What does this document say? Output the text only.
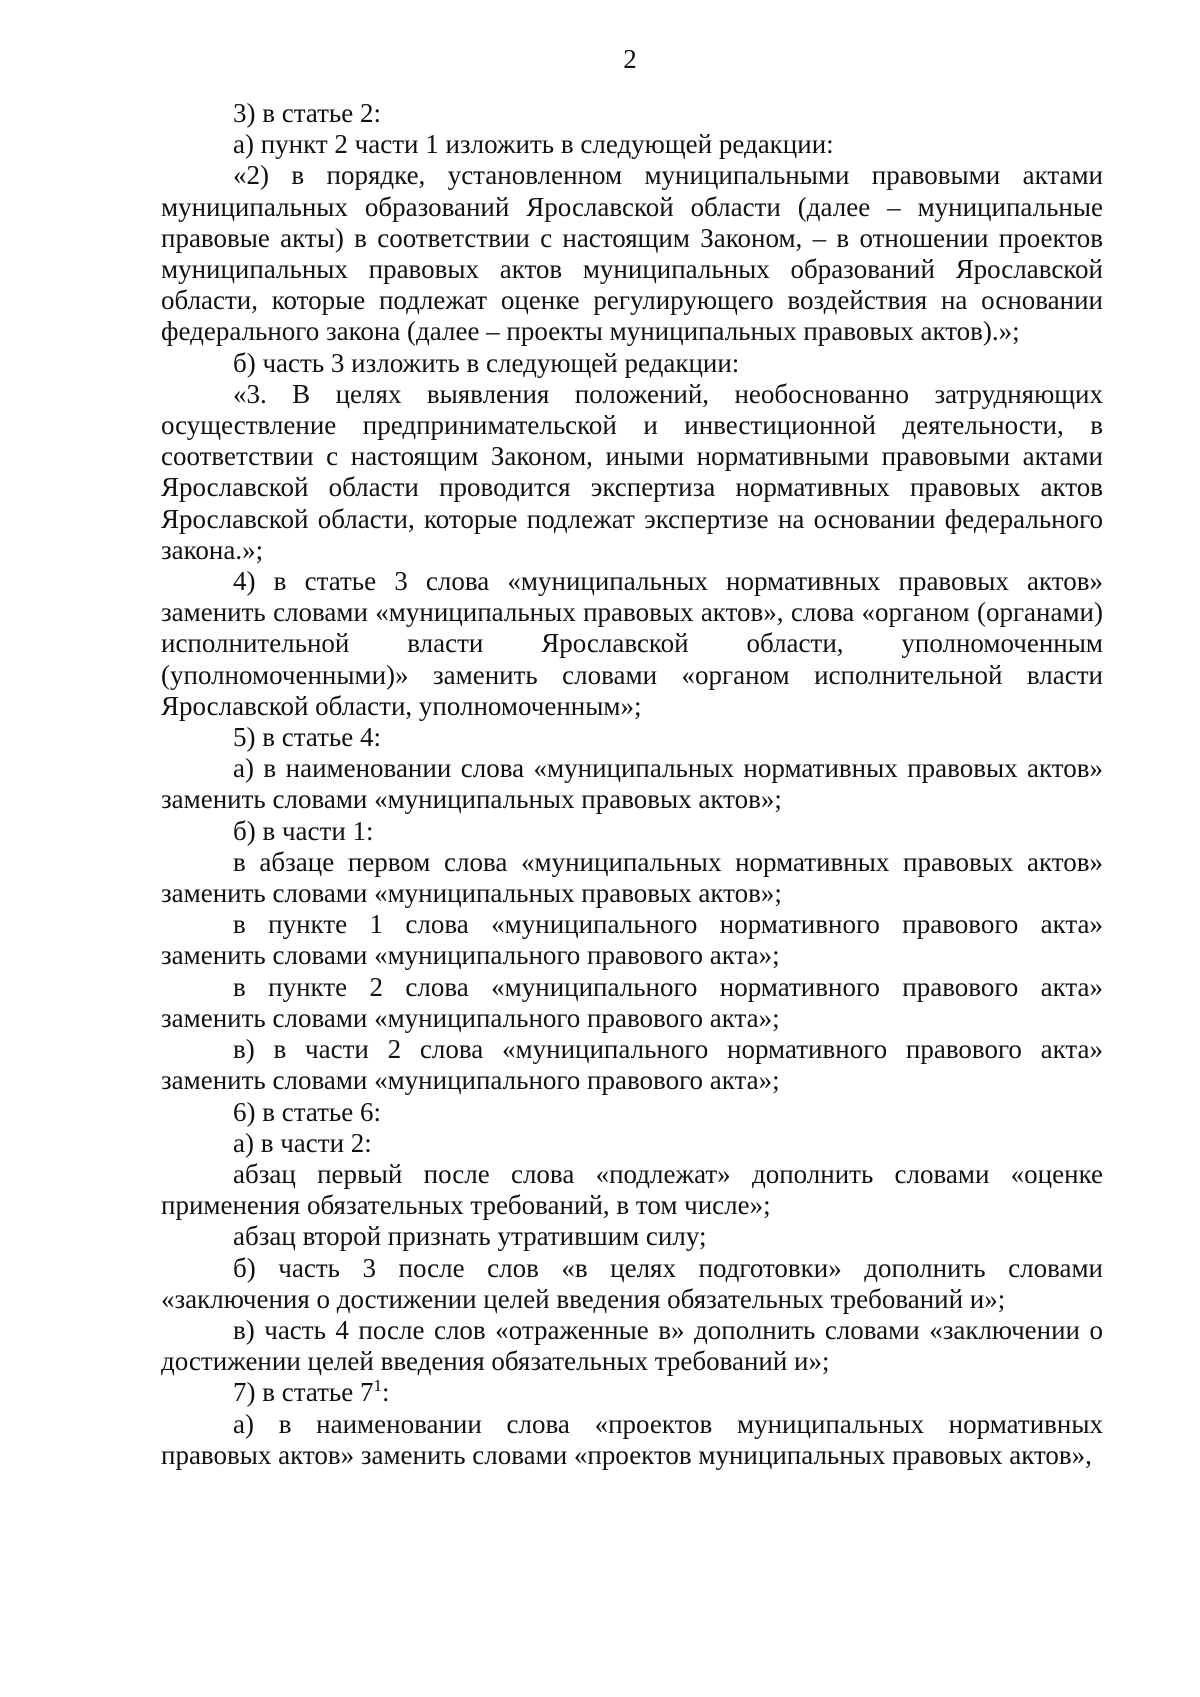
2

3) в статье 2:

а) пункт 2 части 1 изложить в следующей редакции:

«2) в порядке, установленном муниципальными правовыми актами муниципальных образований Ярославской области (далее – муниципальные правовые акты) в соответствии с настоящим Законом, – в отношении проектов муниципальных правовых актов муниципальных образований Ярославской области, которые подлежат оценке регулирующего воздействия на основании федерального закона (далее – проекты муниципальных правовых актов).»;

б) часть 3 изложить в следующей редакции:

«3. В целях выявления положений, необоснованно затрудняющих осуществление предпринимательской и инвестиционной деятельности, в соответствии с настоящим Законом, иными нормативными правовыми актами Ярославской области проводится экспертиза нормативных правовых актов Ярославской области, которые подлежат экспертизе на основании федерального закона.»;

4) в статье 3 слова «муниципальных нормативных правовых актов» заменить словами «муниципальных правовых актов», слова «органом (органами) исполнительной власти Ярославской области, уполномоченным (уполномоченными)» заменить словами «органом исполнительной власти Ярославской области, уполномоченным»;

5) в статье 4:

а) в наименовании слова «муниципальных нормативных правовых актов» заменить словами «муниципальных правовых актов»;

б) в части 1:

в абзаце первом слова «муниципальных нормативных правовых актов» заменить словами «муниципальных правовых актов»;

в пункте 1 слова «муниципального нормативного правового акта» заменить словами «муниципального правового акта»;

в пункте 2 слова «муниципального нормативного правового акта» заменить словами «муниципального правового акта»;

в) в части 2 слова «муниципального нормативного правового акта» заменить словами «муниципального правового акта»;

6) в статье 6:

а) в части 2:

абзац первый после слова «подлежат» дополнить словами «оценке применения обязательных требований, в том числе»;

абзац второй признать утратившим силу;

б) часть 3 после слов «в целях подготовки» дополнить словами «заключения о достижении целей введения обязательных требований и»;

в) часть 4 после слов «отраженные в» дополнить словами «заключении о достижении целей введения обязательных требований и»;

7) в статье $7^1$:

а) в наименовании слова «проектов муниципальных нормативных правовых актов» заменить словами «проектов муниципальных правовых актов»,
